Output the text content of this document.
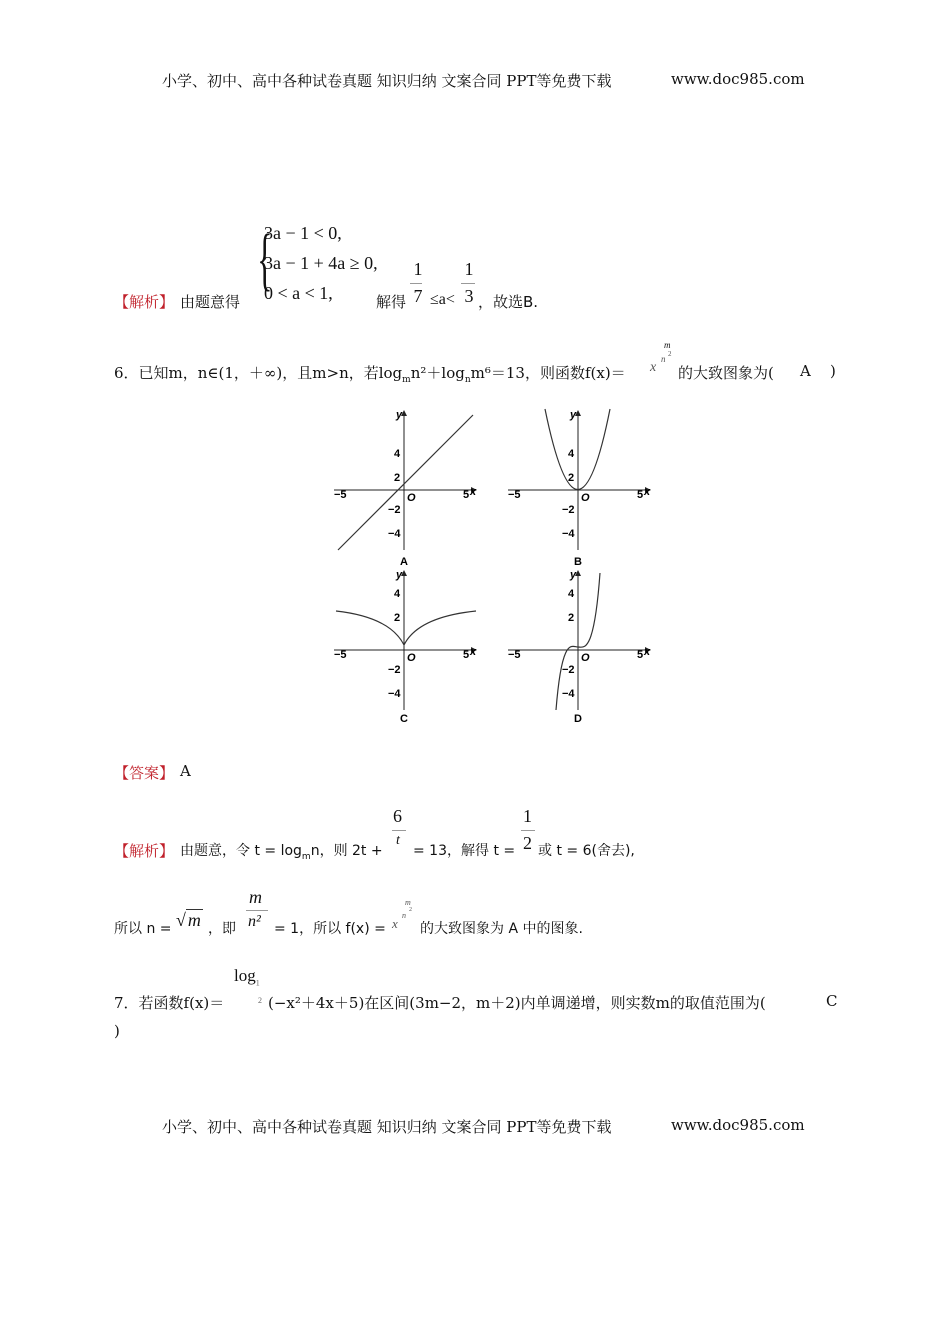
小学、初中、高中各种试卷真题 知识归纳 文案合同 PPT等免费下载	www.doc985.com
{
3a − 1 < 0,
3a − 1 + 4a ≥ 0,
0 < a < 1,
【解析】 由题意得	解得
1
7 ≤a<
1
3 ，故选B.
6．已知m，n∈(1，＋∞)，且m>n，若$\log_mn^2+\log_nm^6=13$，则函数f(x)＝
m
x
n 2
的大致图象为( A )
y
x
O
−5	5
4
2
−2
−4
A
y
x
O
−5	5
4
2
−2
−4
B
y
x
O
−5	5
4
2
−2
−4
C
y
x
O
−5	5
4
2
−2
−4
D
【答案】 A
【解析】 由题意，令 $t = \log_mn$，则 2t +
6
t
= 13，解得 t =
1
2 或 t = 6(舍去),
所以 n = √ m ，即
m
n² = 1，所以 f(x) =
m
x
n
2
的大致图象为 A 中的图象.
$\log_1$
7．若函数f(x)＝	2 (−x²＋4x＋5)在区间(3m−2，m＋2)内单调递增，则实数m的取值范围为(	C
)
小学、初中、高中各种试卷真题 知识归纳 文案合同 PPT等免费下载	www.doc985.com
